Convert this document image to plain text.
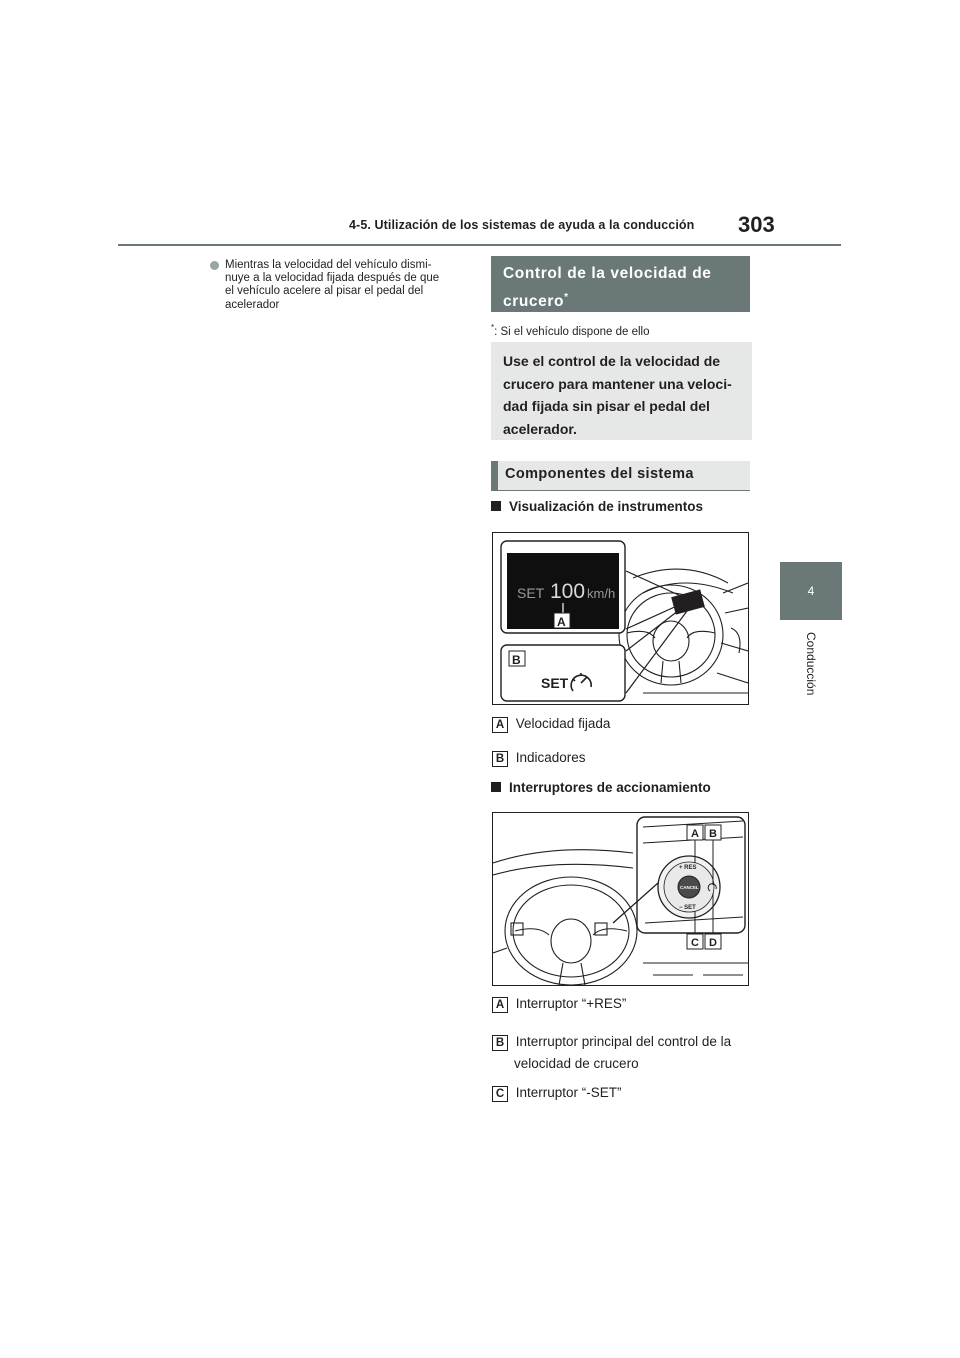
4-5. Utilización de los sistemas de ayuda a la conducción 303
4
Conducción
Mientras la velocidad del vehículo dismi-
nuye a la velocidad fijada después de que
el vehículo acelere al pisar el pedal del
acelerador
Control de la velocidad de
crucero*
*: Si el vehículo dispone de ello
Use el control de la velocidad de
crucero para mantener una veloci-
dad fijada sin pisar el pedal del
acelerador.
Componentes del sistema
Visualización de instrumentos
SET 100 km/h
A
B
SET
A Velocidad fijada
B Indicadores
Interruptores de accionamiento
+ RES
CANCEL
− SET
A B
C D
A Interruptor “+RES”
B Interruptor principal del control de la
velocidad de crucero
C Interruptor “-SET”
